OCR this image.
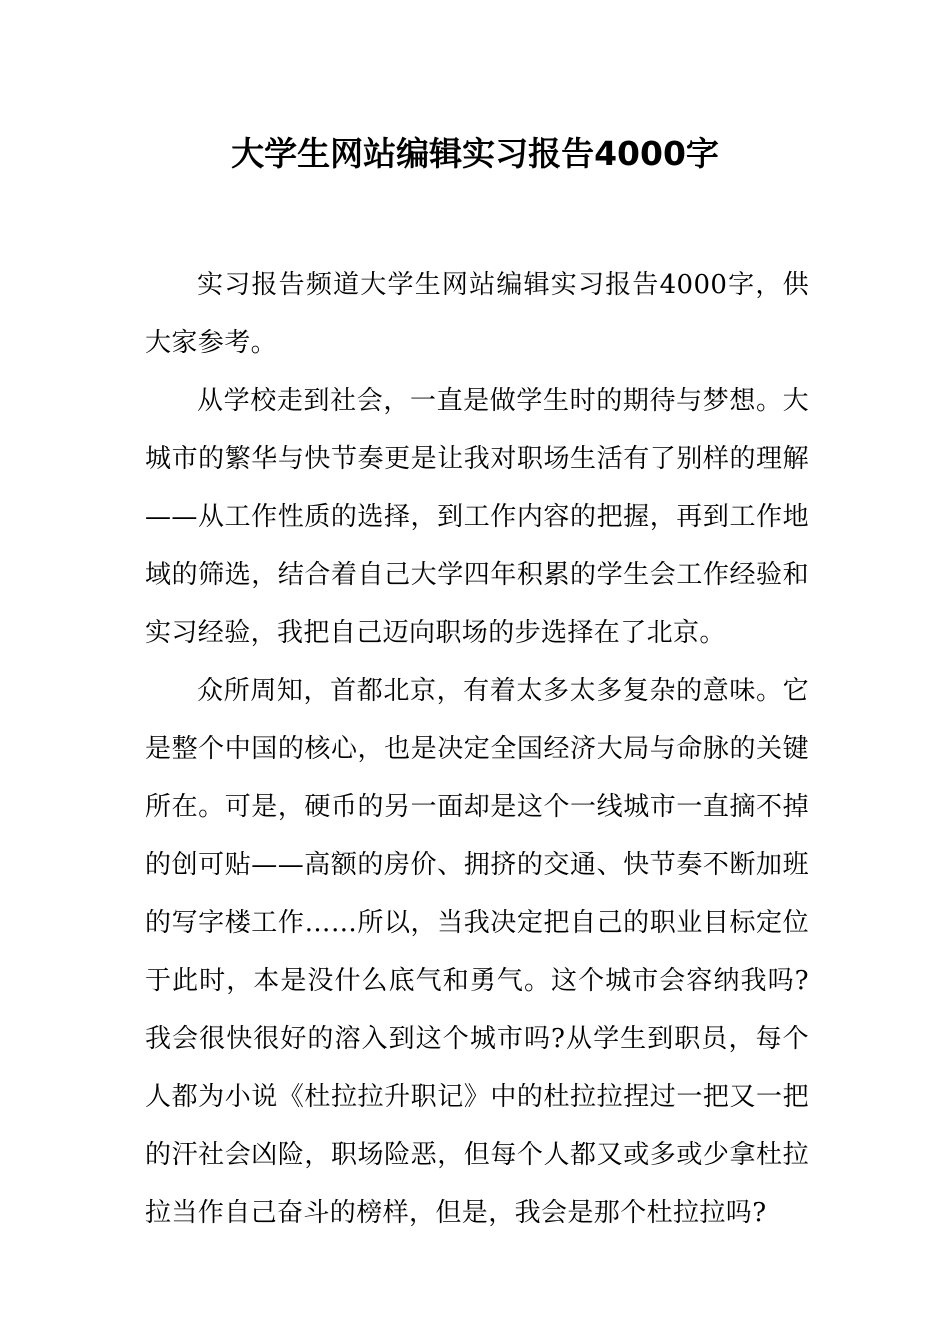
大学生网站编辑实习报告4000字

实习报告频道大学生网站编辑实习报告4000字，供大家参考。

从学校走到社会，一直是做学生时的期待与梦想。大城市的繁华与快节奏更是让我对职场生活有了别样的理解——从工作性质的选择，到工作内容的把握，再到工作地域的筛选，结合着自己大学四年积累的学生会工作经验和实习经验，我把自己迈向职场的步选择在了北京。

众所周知，首都北京，有着太多太多复杂的意味。它是整个中国的核心，也是决定全国经济大局与命脉的关键所在。可是，硬币的另一面却是这个一线城市一直摘不掉的创可贴——高额的房价、拥挤的交通、快节奏不断加班的写字楼工作……所以，当我决定把自己的职业目标定位于此时，本是没什么底气和勇气。这个城市会容纳我吗?我会很快很好的溶入到这个城市吗?从学生到职员，每个人都为小说《杜拉拉升职记》中的杜拉拉捏过一把又一把的汗社会凶险，职场险恶，但每个人都又或多或少拿杜拉拉当作自己奋斗的榜样，但是，我会是那个杜拉拉吗?
